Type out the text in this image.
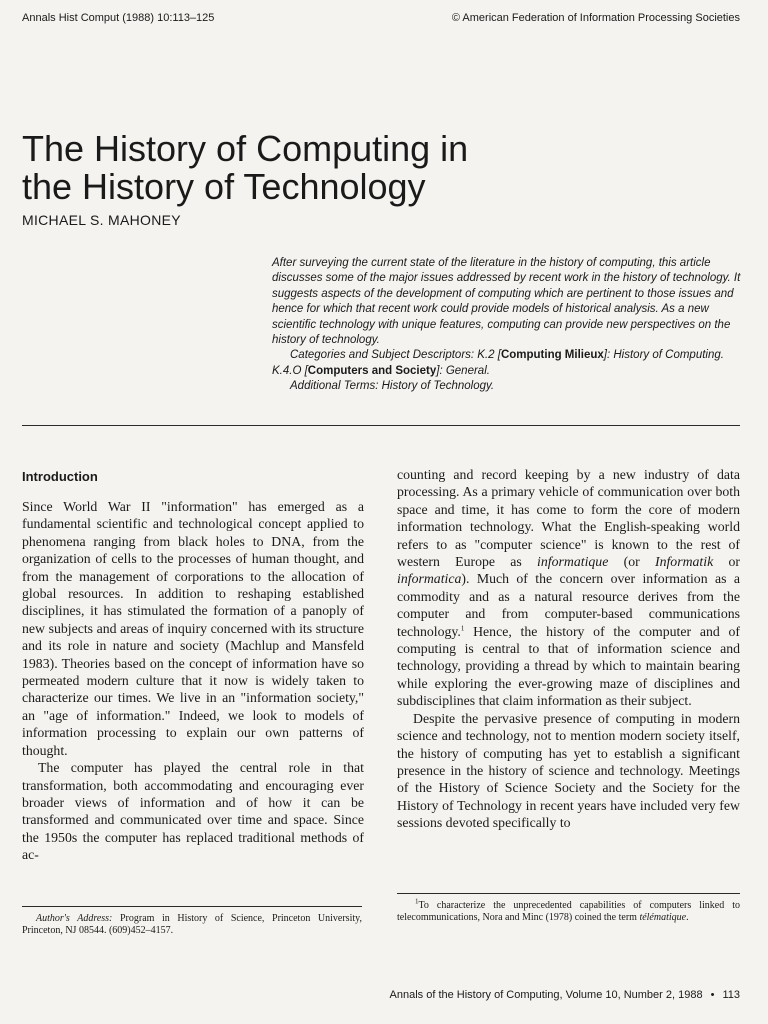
Annals Hist Comput (1988) 10:113–125	© American Federation of Information Processing Societies
The History of Computing in
the History of Technology
MICHAEL S. MAHONEY

After surveying the current state of the literature in the history of computing, this article discusses some of the major issues addressed by recent work in the history of technology. It suggests aspects of the development of computing which are pertinent to those issues and hence for which that recent work could provide models of historical analysis. As a new scientific technology with unique features, computing can provide new perspectives on the history of technology.

Categories and Subject Descriptors: K.2 [Computing Milieux]: History of Computing. K.4.O [Computers and Society]: General.

Additional Terms: History of Technology.

Introduction

Since World War II "information" has emerged as a fundamental scientific and technological concept applied to phenomena ranging from black holes to DNA, from the organization of cells to the processes of human thought, and from the management of corporations to the allocation of global resources. In addition to reshaping established disciplines, it has stimulated the formation of a panoply of new subjects and areas of inquiry concerned with its structure and its role in nature and society (Machlup and Mansfeld 1983). Theories based on the concept of information have so permeated modern culture that it now is widely taken to characterize our times. We live in an "information society," an "age of information." Indeed, we look to models of information processing to explain our own patterns of thought.

The computer has played the central role in that transformation, both accommodating and encouraging ever broader views of information and of how it can be transformed and communicated over time and space. Since the 1950s the computer has replaced traditional methods of ac-

counting and record keeping by a new industry of data processing. As a primary vehicle of communication over both space and time, it has come to form the core of modern information technology. What the English-speaking world refers to as "computer science" is known to the rest of western Europe as informatique (or Informatik or informatica). Much of the concern over information as a commodity and as a natural resource derives from the computer and from computer-based communications technology.$^1$ Hence, the history of the computer and of computing is central to that of information science and technology, providing a thread by which to maintain bearing while exploring the ever-growing maze of disciplines and subdisciplines that claim information as their subject.

Despite the pervasive presence of computing in modern science and technology, not to mention modern society itself, the history of computing has yet to establish a significant presence in the history of science and technology. Meetings of the History of Science Society and the Society for the History of Technology in recent years have included very few sessions devoted specifically to

Author's Address: Program in History of Science, Princeton University, Princeton, NJ 08544. (609)452–4157.
$^1$To characterize the unprecedented capabilities of computers linked to telecommunications, Nora and Minc (1978) coined the term télématique.
Annals of the History of Computing, Volume 10, Number 2, 1988 • 113
